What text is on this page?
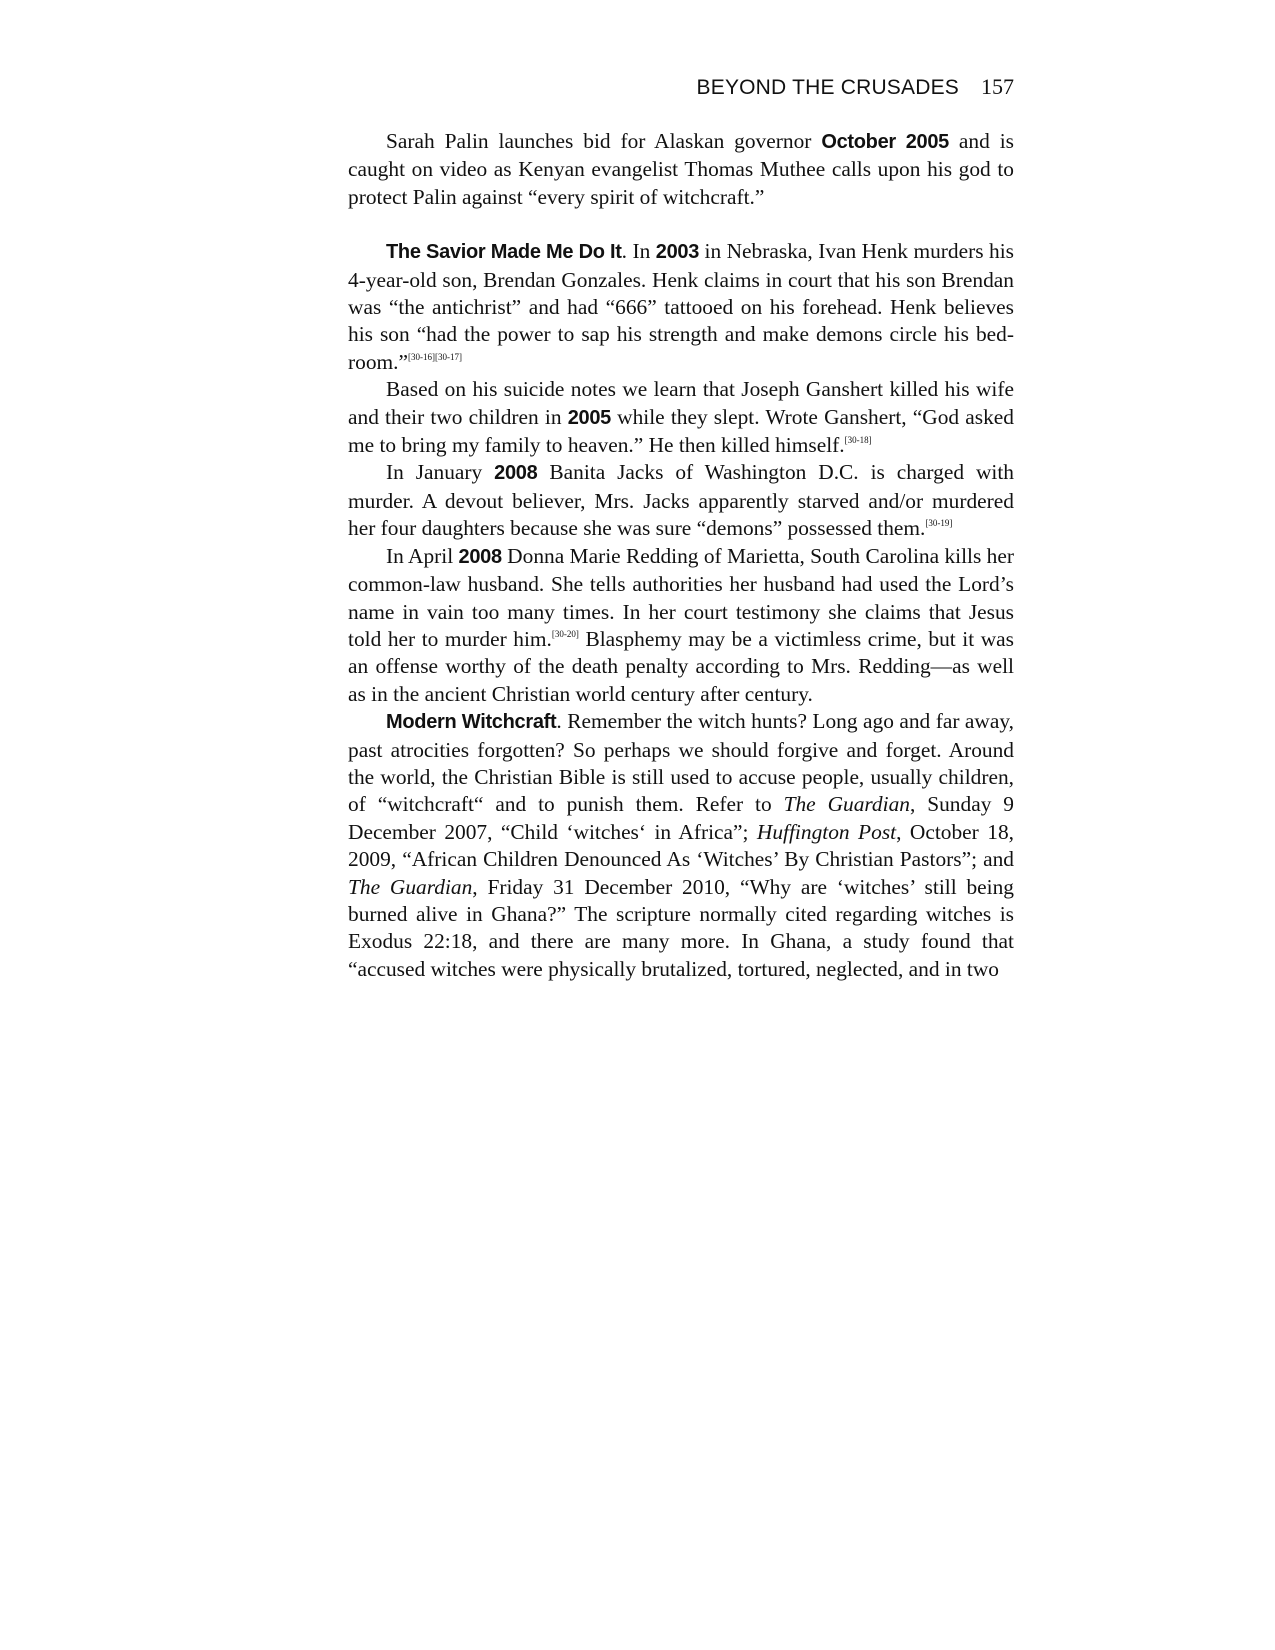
BEYOND THE CRUSADES 157

Sarah Palin launches bid for Alaskan governor October 2005 and is caught on video as Kenyan evangelist Thomas Muthee calls upon his god to protect Palin against “every spirit of witchcraft.”

The Savior Made Me Do It. In 2003 in Nebraska, Ivan Henk murders his 4-year-old son, Brendan Gonzales. Henk claims in court that his son Brendan was “the antichrist” and had “666” tattooed on his forehead. Henk believes his son “had the power to sap his strength and make demons circle his bed-room.”[30-16][30-17]

Based on his suicide notes we learn that Joseph Ganshert killed his wife and their two children in 2005 while they slept. Wrote Ganshert, “God asked me to bring my family to heaven.” He then killed himself.[30-18]

In January 2008 Banita Jacks of Washington D.C. is charged with murder. A devout believer, Mrs. Jacks apparently starved and/or murdered her four daughters because she was sure “demons” possessed them.[30-19]

In April 2008 Donna Marie Redding of Marietta, South Carolina kills her common-law husband. She tells authorities her husband had used the Lord’s name in vain too many times. In her court testimony she claims that Jesus told her to murder him.[30-20] Blasphemy may be a victimless crime, but it was an offense worthy of the death penalty according to Mrs. Redding—as well as in the ancient Christian world century after century.

Modern Witchcraft. Remember the witch hunts? Long ago and far away, past atrocities forgotten? So perhaps we should forgive and forget. Around the world, the Christian Bible is still used to accuse people, usually children, of “witchcraft“ and to punish them. Refer to The Guardian, Sunday 9 December 2007, “Child ‘witches‘ in Africa”; Huffington Post, October 18, 2009, “African Children Denounced As ‘Witches’ By Christian Pastors”; and The Guardian, Friday 31 December 2010, “Why are ‘witches’ still being burned alive in Ghana?” The scripture normally cited regarding witches is Exodus 22:18, and there are many more. In Ghana, a study found that “accused witches were physically brutalized, tortured, neglected, and in two
